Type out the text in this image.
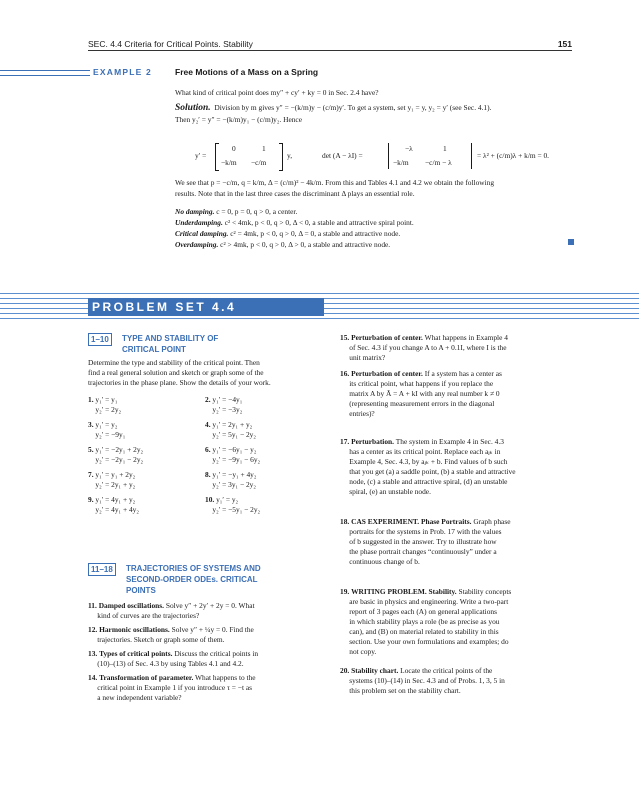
SEC. 4.4 Criteria for Critical Points. Stability	151
EXAMPLE 2	Free Motions of a Mass on a Spring
What kind of critical point does my″ + cy′ + ky = 0 in Sec. 2.4 have?
Solution. Division by m gives y″ = −(k/m)y − (c/m)y′. To get a system, set y₁ = y, y₂ = y′ (see Sec. 4.1).
Then y₂′ = y″ = −(k/m)y₁ − (c/m)y₂. Hence
y′ =
0	1
−k/m −c/m
y,	det (A − λI) =
−λ	1
−k/m −c/m − λ
= λ² + (c/m)λ + k/m = 0.
We see that p = −c/m, q = k/m, Δ = (c/m)² − 4k/m. From this and Tables 4.1 and 4.2 we obtain the following
results. Note that in the last three cases the discriminant Δ plays an essential role.
No damping. c = 0, p = 0, q > 0, a center.
Underdamping. c² < 4mk, p < 0, q > 0, Δ < 0, a stable and attractive spiral point.
Critical damping. c² = 4mk, p < 0, q > 0, Δ = 0, a stable and attractive node.
Overdamping. c² > 4mk, p < 0, q > 0, Δ > 0, a stable and attractive node.
PROBLEM SET 4.4
1–10	TYPE AND STABILITY OF
CRITICAL POINT
Determine the type and stability of the critical point. Then
find a real general solution and sketch or graph some of the
trajectories in the phase plane. Show the details of your work.
1. y₁′ = y₁
y₂′ = 2y₂
2. y₁′ = −4y₁
y₂′ = −3y₂
3. y₁′ = y₂
y₂′ = −9y₁
4. y₁′ = 2y₁ + y₂
y₂′ = 5y₁ − 2y₂
5. y₁′ = −2y₁ + 2y₂
y₂′ = −2y₁ − 2y₂
6. y₁′ = −6y₁ − y₂
y₂′ = −9y₁ − 6y₂
7. y₁′ = y₁ + 2y₂
y₂′ = 2y₁ + y₂
8. y₁′ = −y₁ + 4y₂
y₂′ = 3y₁ − 2y₂
9. y₁′ = 4y₁ + y₂
y₂′ = 4y₁ + 4y₂
10. y₁′ = y₂
y₂′ = −5y₁ − 2y₂
11–18	TRAJECTORIES OF SYSTEMS AND
SECOND-ORDER ODEs. CRITICAL
POINTS
11. Damped oscillations. Solve y″ + 2y′ + 2y = 0. What
kind of curves are the trajectories?
12. Harmonic oscillations. Solve y″ + ¼y = 0. Find the
trajectories. Sketch or graph some of them.
13. Types of critical points. Discuss the critical points in
(10)–(13) of Sec. 4.3 by using Tables 4.1 and 4.2.
14. Transformation of parameter. What happens to the
critical point in Example 1 if you introduce τ = −t as
a new independent variable?
15. Perturbation of center. What happens in Example 4
of Sec. 4.3 if you change A to A + 0.1I, where I is the
unit matrix?
16. Perturbation of center. If a system has a center as
its critical point, what happens if you replace the
matrix A by Ã = A + kI with any real number k ≠ 0
(representing measurement errors in the diagonal
entries)?
17. Perturbation. The system in Example 4 in Sec. 4.3
has a center as its critical point. Replace each aⱼₖ in
Example 4, Sec. 4.3, by aⱼₖ + b. Find values of b such
that you get (a) a saddle point, (b) a stable and attractive
node, (c) a stable and attractive spiral, (d) an unstable
spiral, (e) an unstable node.
18. CAS EXPERIMENT. Phase Portraits. Graph phase
portraits for the systems in Prob. 17 with the values
of b suggested in the answer. Try to illustrate how
the phase portrait changes “continuously” under a
continuous change of b.
19. WRITING PROBLEM. Stability. Stability concepts
are basic in physics and engineering. Write a two-part
report of 3 pages each (A) on general applications
in which stability plays a role (be as precise as you
can), and (B) on material related to stability in this
section. Use your own formulations and examples; do
not copy.
20. Stability chart. Locate the critical points of the
systems (10)–(14) in Sec. 4.3 and of Probs. 1, 3, 5 in
this problem set on the stability chart.
